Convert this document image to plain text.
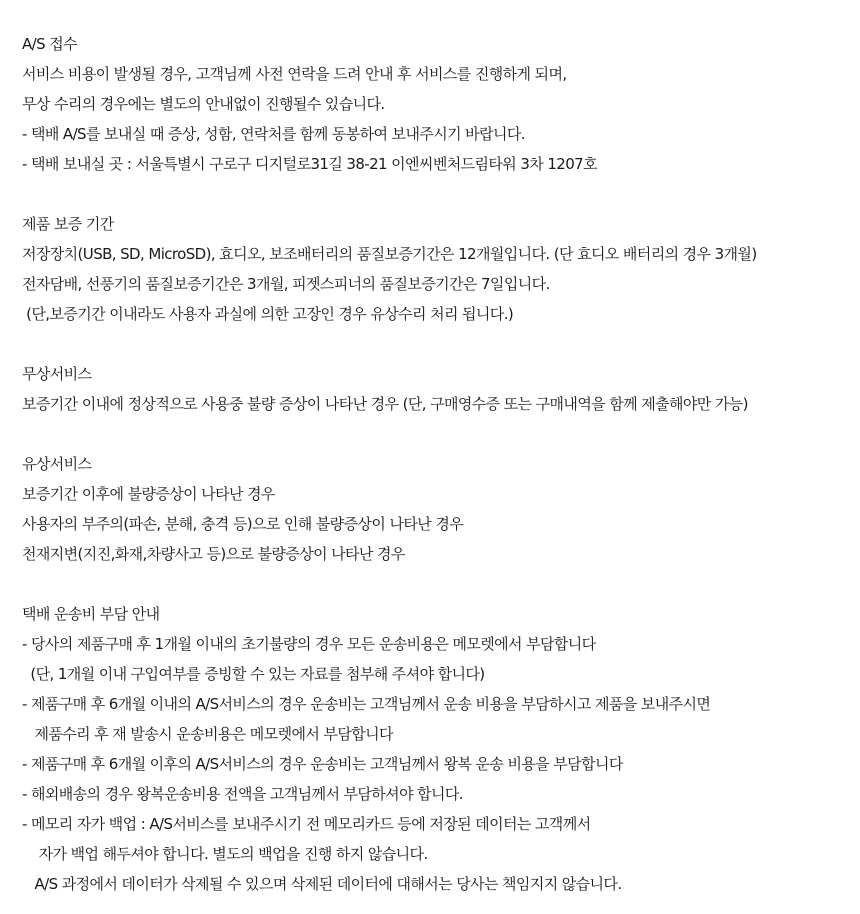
A/S 접수
서비스 비용이 발생될 경우, 고객님께 사전 연락을 드려 안내 후 서비스를 진행하게 되며,
무상 수리의 경우에는 별도의 안내없이 진행될수 있습니다.
- 택배 A/S를 보내실 때 증상, 성함, 연락처를 함께 동봉하여 보내주시기 바랍니다.
- 택배 보내실 곳 : 서울특별시 구로구 디지털로31길 38-21 이엔씨벤처드림타워 3차 1207호
제품 보증 기간
저장장치(USB, SD, MicroSD), 효디오, 보조배터리의 품질보증기간은 12개월입니다. (단 효디오 배터리의 경우 3개월)
전자담배, 선풍기의 품질보증기간은 3개월, 피젯스피너의 품질보증기간은 7일입니다.
(단,보증기간 이내라도 사용자 과실에 의한 고장인 경우 유상수리 처리 됩니다.)
무상서비스
보증기간 이내에 정상적으로 사용중 불량 증상이 나타난 경우 (단, 구매영수증 또는 구매내역을 함께 제출해야만 가능)
유상서비스
보증기간 이후에 불량증상이 나타난 경우
사용자의 부주의(파손, 분해, 충격 등)으로 인해 불량증상이 나타난 경우
천재지변(지진,화재,차량사고 등)으로 불량증상이 나타난 경우
택배 운송비 부담 안내
- 당사의 제품구매 후 1개월 이내의 초기불량의 경우 모든 운송비용은 메모렛에서 부담합니다
(단, 1개월 이내 구입여부를 증빙할 수 있는 자료를 첨부해 주셔야 합니다)
- 제품구매 후 6개월 이내의 A/S서비스의 경우 운송비는 고객님께서 운송 비용을 부담하시고 제품을 보내주시면
제품수리 후 재 발송시 운송비용은 메모렛에서 부담합니다
- 제품구매 후 6개월 이후의 A/S서비스의 경우 운송비는 고객님께서 왕복 운송 비용을 부담합니다
- 해외배송의 경우 왕복운송비용 전액을 고객님께서 부담하셔야 합니다.
- 메모리 자가 백업 : A/S서비스를 보내주시기 전 메모리카드 등에 저장된 데이터는 고객께서
자가 백업 해두셔야 합니다. 별도의 백업을 진행 하지 않습니다.
A/S 과정에서 데이터가 삭제될 수 있으며 삭제된 데이터에 대해서는 당사는 책임지지 않습니다.
